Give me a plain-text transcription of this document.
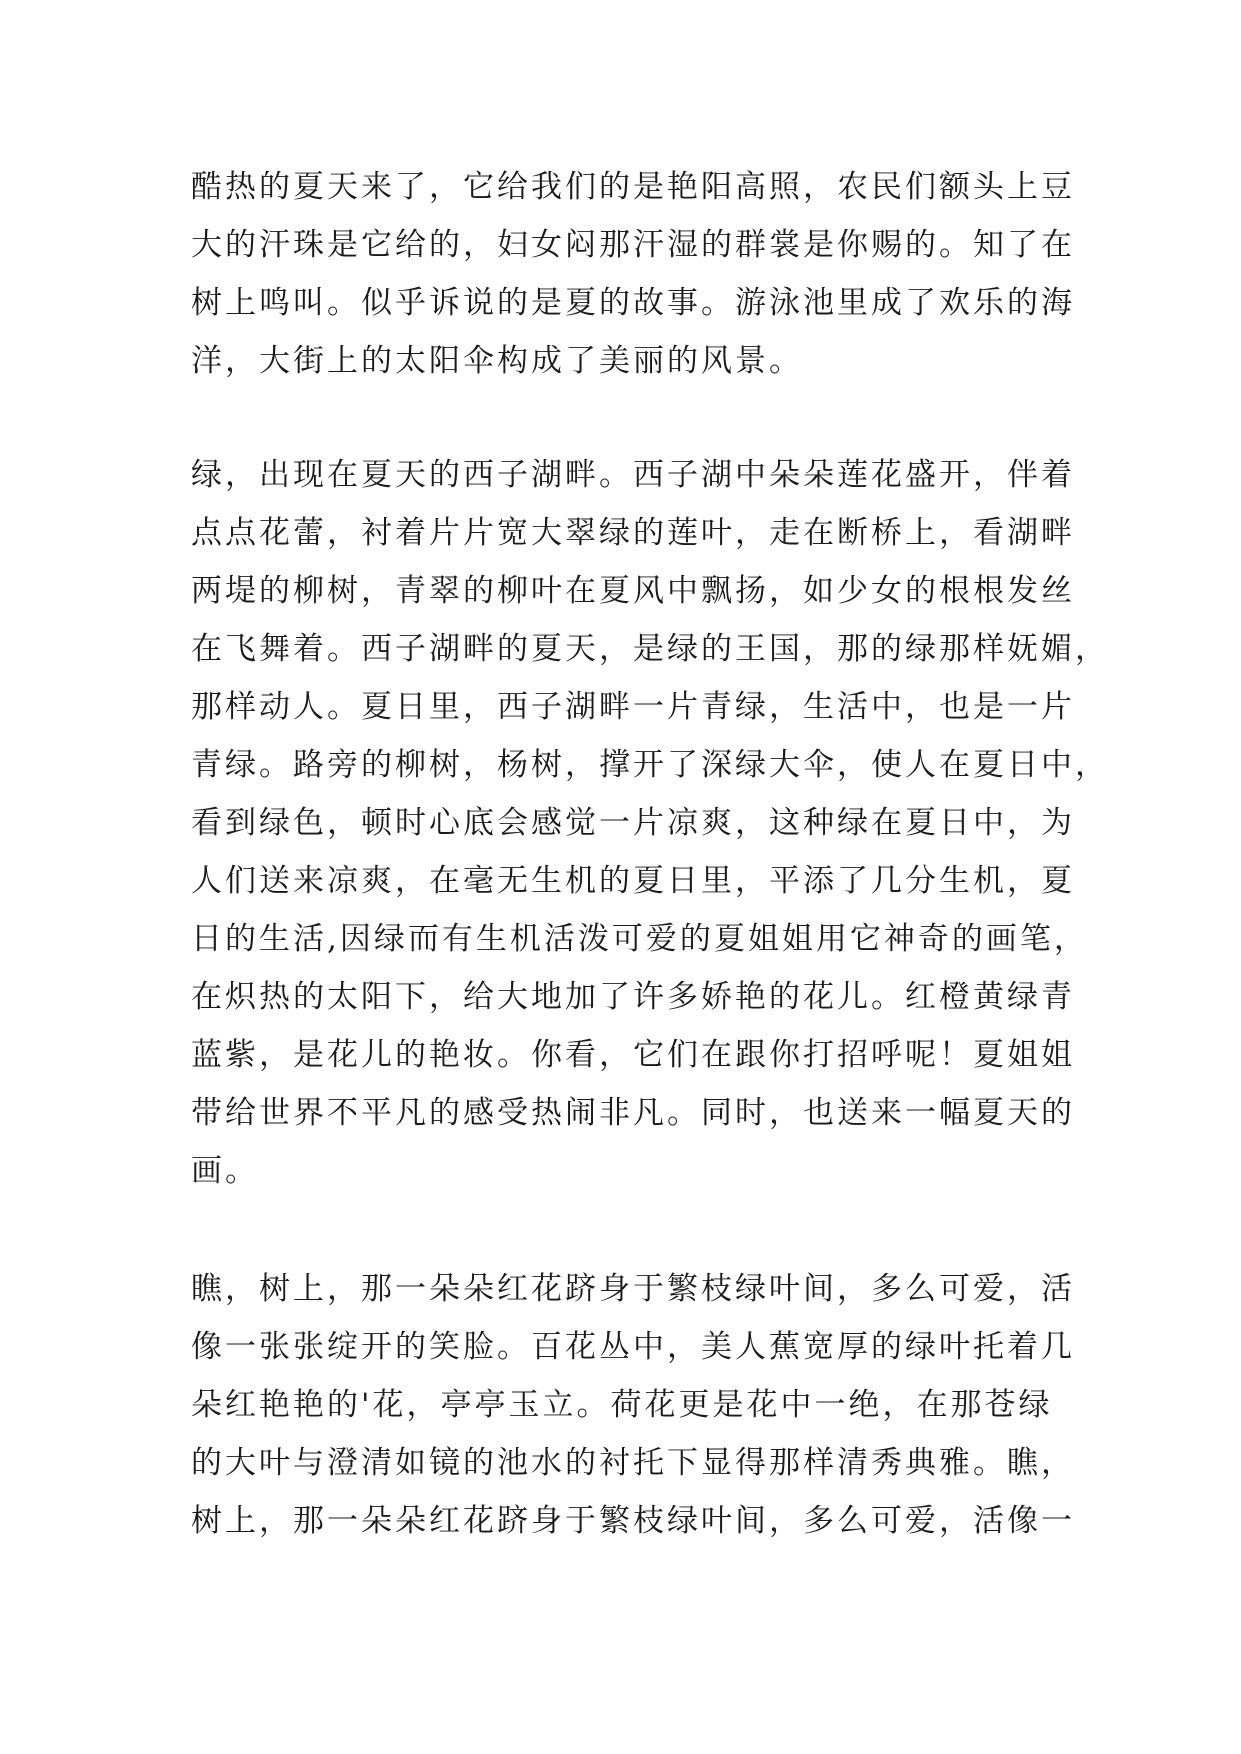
酷热的夏天来了，它给我们的是艳阳高照，农民们额头上豆
大的汗珠是它给的，妇女闷那汗湿的群裳是你赐的。知了在
树上鸣叫。似乎诉说的是夏的故事。游泳池里成了欢乐的海
洋，大街上的太阳伞构成了美丽的风景。
绿，出现在夏天的西子湖畔。西子湖中朵朵莲花盛开，伴着
点点花蕾，衬着片片宽大翠绿的莲叶，走在断桥上，看湖畔
两堤的柳树，青翠的柳叶在夏风中飘扬，如少女的根根发丝
在飞舞着。西子湖畔的夏天，是绿的王国，那的绿那样妩媚，
那样动人。夏日里，西子湖畔一片青绿，生活中，也是一片
青绿。路旁的柳树，杨树，撑开了深绿大伞，使人在夏日中，
看到绿色，顿时心底会感觉一片凉爽，这种绿在夏日中，为
人们送来凉爽，在毫无生机的夏日里，平添了几分生机，夏
日的生活,因绿而有生机活泼可爱的夏姐姐用它神奇的画笔，
在炽热的太阳下，给大地加了许多娇艳的花儿。红橙黄绿青
蓝紫，是花儿的艳妆。你看，它们在跟你打招呼呢！夏姐姐
带给世界不平凡的感受热闹非凡。同时，也送来一幅夏天的
画。
瞧，树上，那一朵朵红花跻身于繁枝绿叶间，多么可爱，活
像一张张绽开的笑脸。百花丛中，美人蕉宽厚的绿叶托着几
朵红艳艳的'花，亭亭玉立。荷花更是花中一绝，在那苍绿
的大叶与澄清如镜的池水的衬托下显得那样清秀典雅。瞧，
树上，那一朵朵红花跻身于繁枝绿叶间，多么可爱，活像一
